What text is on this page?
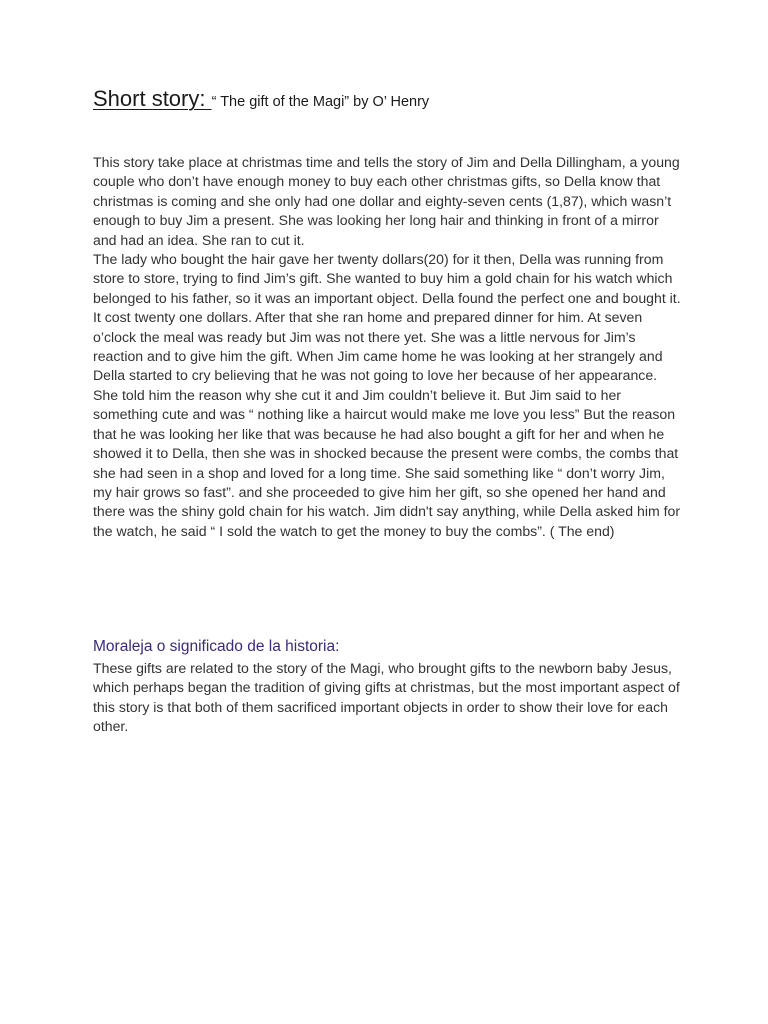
Short story: “ The gift of the Magi” by O’ Henry

This story take place at christmas time and tells the story of Jim and Della Dillingham, a young couple who don’t have enough money to buy each other christmas gifts, so Della know that christmas is coming and she only had one dollar and eighty-seven cents (1,87), which wasn’t enough to buy Jim a present. She was looking her long hair and thinking in front of a mirror and had an idea. She ran to cut it.

The lady who bought the hair gave her twenty dollars(20) for it then, Della was running from store to store, trying to find Jim’s gift. She wanted to buy him a gold chain for his watch which belonged to his father, so it was an important object. Della found the perfect one and bought it. It cost twenty one dollars. After that she ran home and prepared dinner for him. At seven o’clock the meal was ready but Jim was not there yet. She was a little nervous for Jim’s reaction and to give him the gift. When Jim came home he was looking at her strangely and Della started to cry believing that he was not going to love her because of her appearance. She told him the reason why she cut it and Jim couldn’t believe it. But Jim said to her something cute and was “ nothing like a haircut would make me love you less” But the reason that he was looking her like that was because he had also bought a gift for her and when he showed it to Della, then she was in shocked because the present were combs, the combs that she had seen in a shop and loved for a long time. She said something like “ don’t worry Jim, my hair grows so fast”. and she proceeded to give him her gift, so she opened her hand and there was the shiny gold chain for his watch. Jim didn't say anything, while Della asked him for the watch, he said “ I sold the watch to get the money to buy the combs”. ( The end)

Moraleja o significado de la historia:

These gifts are related to the story of the Magi, who brought gifts to the newborn baby Jesus, which perhaps began the tradition of giving gifts at christmas, but the most important aspect of this story is that both of them sacrificed important objects in order to show their love for each other.
